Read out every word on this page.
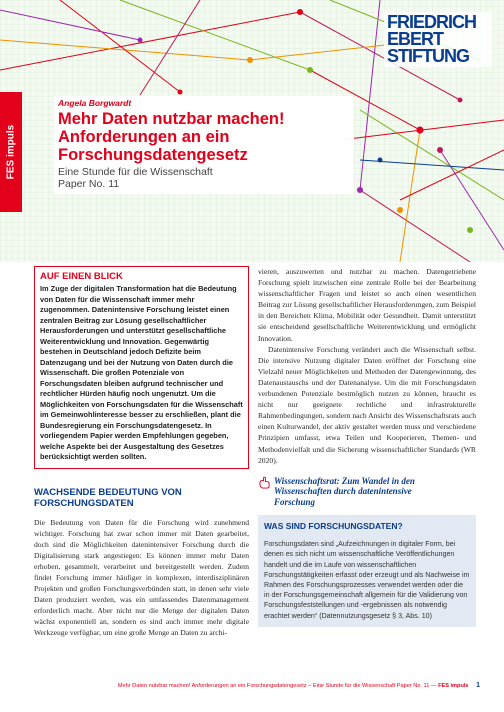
FES impuls
FRIEDRICH
EBERT
STIFTUNG
Angela Borgwardt
Mehr Daten nutzbar machen!
Anforderungen an ein
Forschungsdatengesetz
Eine Stunde für die Wissenschaft
Paper No. 11
AUF EINEN BLICK
Im Zuge der digitalen Transformation hat die Bedeutung von Daten für die Wissenschaft immer mehr zugenommen. Datenintensive Forschung leistet einen zentralen Beitrag zur Lösung gesellschaftlicher Herausforderungen und unterstützt gesellschaftliche Weiterentwicklung und Innovation. Gegenwärtig bestehen in Deutschland jedoch Defizite beim Datenzugang und bei der Nutzung von Daten durch die Wissenschaft. Die großen Potenziale von Forschungsdaten bleiben aufgrund technischer und rechtlicher Hürden häufig noch ungenutzt. Um die Möglichkeiten von Forschungsdaten für die Wissenschaft im Gemeinwohlinteresse besser zu erschließen, plant die Bundesregierung ein Forschungsdatengesetz. In vorliegendem Papier werden Empfehlungen gegeben, welche Aspekte bei der Ausgestaltung des Gesetzes berücksichtigt werden sollten.
WACHSENDE BEDEUTUNG VON FORSCHUNGSDATEN

Die Bedeutung von Daten für die Forschung wird zunehmend wichtiger. Forschung hat zwar schon immer mit Daten gearbeitet, doch sind die Möglichkeiten datenintensiver Forschung durch die Digitalisierung stark angestiegen: Es können immer mehr Daten erhoben, gesammelt, verarbeitet und bereitgestellt werden. Zudem findet Forschung immer häufiger in komplexen, interdisziplinären Projekten und großen Forschungsverbünden statt, in denen sehr viele Daten produziert werden, was ein umfassendes Datenmanagement erforderlich macht. Aber nicht nur die Menge der digitalen Daten wächst exponentiell an, sondern es sind auch immer mehr digitale Werkzeuge verfügbar, um eine große Menge an Daten zu archi-

vieren, auszuwerten und nutzbar zu machen. Datengetriebene Forschung spielt inzwischen eine zentrale Rolle bei der Bearbeitung wissenschaftlicher Fragen und leistet so auch einen wesentlichen Beitrag zur Lösung gesellschaftlicher Herausforderungen, zum Beispiel in den Bereichen Klima, Mobilität oder Gesundheit. Damit unterstützt sie entscheidend gesellschaftliche Weiterentwicklung und ermöglicht Innovation.

Datenintensive Forschung verändert auch die Wissenschaft selbst. Die intensive Nutzung digitaler Daten eröffnet der Forschung eine Vielzahl neuer Möglichkeiten und Methoden der Datengewinnung, des Datenaustauschs und der Datenanalyse. Um die mit Forschungsdaten verbundenen Potenziale bestmöglich nutzen zu können, braucht es nicht nur geeignete rechtliche und infrastrukturelle Rahmenbedingungen, sondern nach Ansicht des Wissenschaftsrats auch einen Kulturwandel, der aktiv gestaltet werden muss und verschiedene Prinzipien umfasst, etwa Teilen und Kooperieren, Themen- und Methodenvielfalt und die Sicherung wissenschaftlicher Standards (WR 2020).

Wissenschaftsrat: Zum Wandel in den
Wissenschaften durch datenintensive
Forschung
WAS SIND FORSCHUNGSDATEN?
Forschungsdaten sind „Aufzeichnungen in digitaler Form, bei denen es sich nicht um wissenschaftliche Veröffentlichungen handelt und die im Laufe von wissenschaftlichen Forschungstätigkeiten erfasst oder erzeugt und als Nachweise im Rahmen des Forschungsprozesses verwendet werden oder die in der Forschungsgemeinschaft allgemein für die Validierung von Forschungsfeststellungen und -ergebnissen als notwendig erachtet werden“ (Datennutzungsgesetz § 3, Abs. 10)
Mehr Daten nutzbar machen! Anforderungen an ein Forschungsdatengesetz – Eine Stunde für die Wissenschaft Paper No. 11 — FES impuls 1
